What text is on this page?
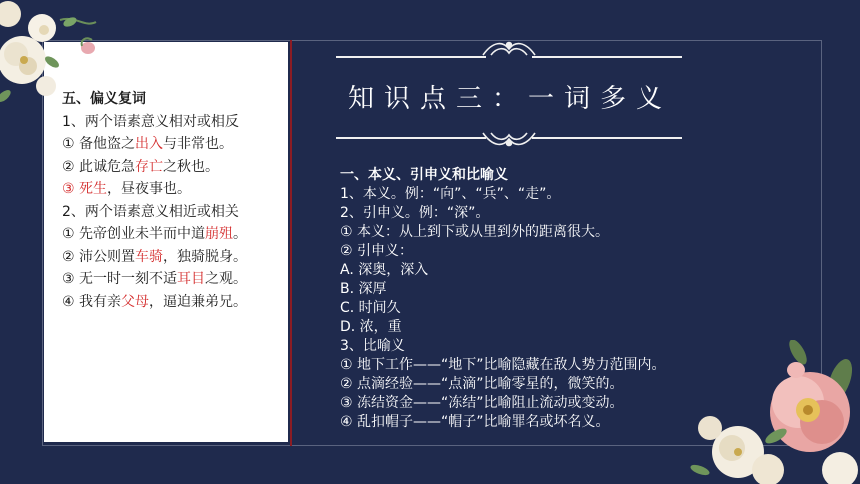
五、偏义复词
1、两个语素意义相对或相反
① 备他盗之出入与非常也。
② 此诚危急存亡之秋也。
③ 死生，昼夜事也。
2、两个语素意义相近或相关
① 先帝创业未半而中道崩殂。
② 沛公则置车骑，独骑脱身。
③ 无一时一刻不适耳目之观。
④ 我有亲父母，逼迫兼弟兄。
知识点三：一词多义
一、本义、引申义和比喻义
1、本义。例：“向”、“兵”、“走”。
2、引申义。例：“深”。
① 本义：从上到下或从里到外的距离很大。
② 引申义：
A. 深奥，深入
B. 深厚
C. 时间久
D. 浓，重
3、比喻义
① 地下工作——“地下”比喻隐藏在敌人势力范围内。
② 点滴经验——“点滴”比喻零星的，微笑的。
③ 冻结资金——“冻结”比喻阻止流动或变动。
④ 乱扣帽子——“帽子”比喻罪名或坏名义。
